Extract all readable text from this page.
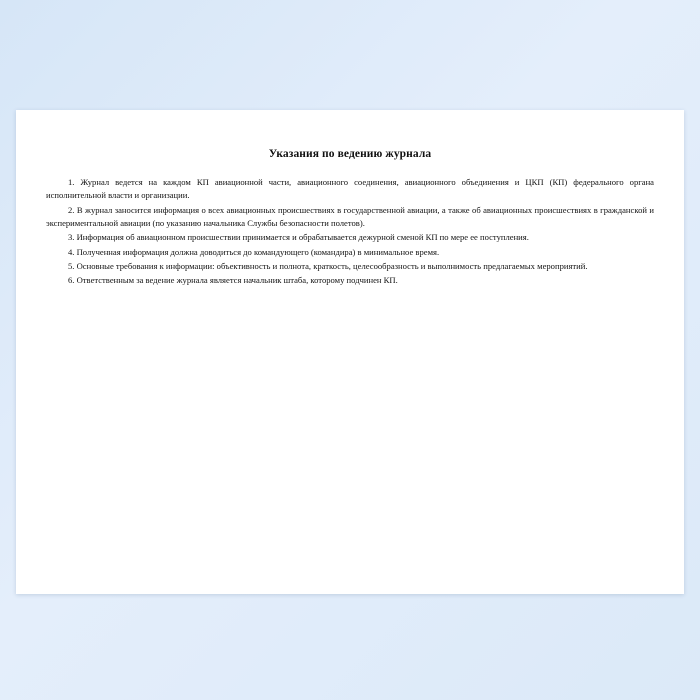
Указания по ведению журнала

1. Журнал ведется на каждом КП авиационной части, авиационного соединения, авиационного объединения и ЦКП (КП) федерального органа исполнительной власти и организации.

2. В журнал заносится информация о всех авиационных происшествиях в государственной авиации, а также об авиационных происшествиях в гражданской и экспериментальной авиации (по указанию начальника Службы безопасности полетов).

3. Информация об авиационном происшествии принимается и обрабатывается дежурной сменой КП по мере ее поступления.

4. Полученная информация должна доводиться до командующего (командира) в минимальное время.

5. Основные требования к информации: объективность и полнота, краткость, целесообразность и выполнимость предлагаемых мероприятий.

6. Ответственным за ведение журнала является начальник штаба, которому подчинен КП.
